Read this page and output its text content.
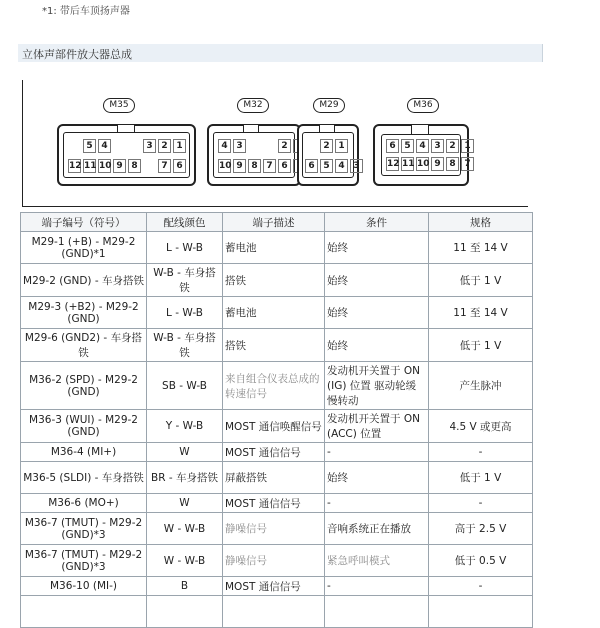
*1: 带后车顶扬声器
立体声部件放大器总成
M35
5 4	3 2 1
12 11 10 9 8	7 6
M32
4 3	2
10 9 8 7 6
M29
2 1
6 5 4 3
M36
6 5 4 3 2 1
12 11 10 9 8 7
端子编号（符号）	配线颜色	端子描述	条件	规格
M29-1 (+B) - M29-2 (GND)*1	L - W-B	蓄电池	始终	11 至 14 V
M29-2 (GND) - 车身搭铁	W-B - 车身搭铁	搭铁	始终	低于 1 V
M29-3 (+B2) - M29-2 (GND)	L - W-B	蓄电池	始终	11 至 14 V
M29-6 (GND2) - 车身搭铁	W-B - 车身搭铁	搭铁	始终	低于 1 V
M36-2 (SPD) - M29-2 (GND)	SB - W-B	来自组合仪表总成的转速信号	发动机开关置于 ON (IG) 位置 驱动轮缓慢转动	产生脉冲
M36-3 (WUI) - M29-2 (GND)	Y - W-B	MOST 通信唤醒信号	发动机开关置于 ON (ACC) 位置	4.5 V 或更高
M36-4 (MI+)	W	MOST 通信信号	-	-
M36-5 (SLDI) - 车身搭铁	BR - 车身搭铁	屏蔽搭铁	始终	低于 1 V
M36-6 (MO+)	W	MOST 通信信号	-	-
M36-7 (TMUT) - M29-2 (GND)*3	W - W-B	静噪信号	音响系统正在播放	高于 2.5 V
M36-7 (TMUT) - M29-2 (GND)*3	W - W-B	静噪信号	紧急呼叫模式	低于 0.5 V
M36-10 (MI-)	B	MOST 通信信号	-	-
